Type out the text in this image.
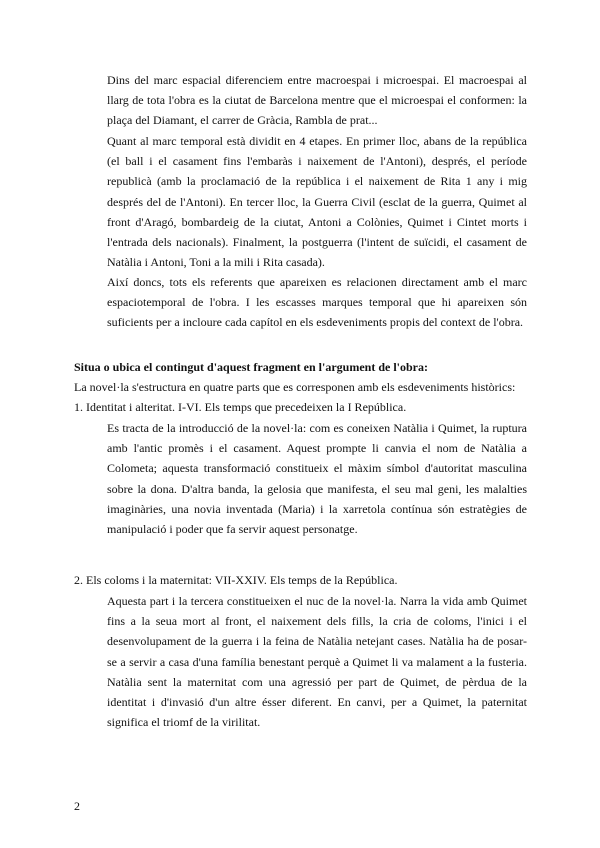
Dins del marc espacial diferenciem entre macroespai i microespai. El macroespai al llarg de tota l'obra es la ciutat de Barcelona mentre que el microespai el conformen: la plaça del Diamant, el carrer de Gràcia, Rambla de prat...

Quant al marc temporal està dividit en 4 etapes. En primer lloc, abans de la república (el ball i el casament fins l'embaràs i naixement de l'Antoni), després, el període republicà (amb la proclamació de la república i el naixement de Rita 1 any i mig després del de l'Antoni). En tercer lloc, la Guerra Civil (esclat de la guerra, Quimet al front d'Aragó, bombardeig de la ciutat, Antoni a Colònies, Quimet i Cintet morts i l'entrada dels nacionals). Finalment, la postguerra (l'intent de suïcidi, el casament de Natàlia i Antoni, Toni a la mili i Rita casada).

Així doncs, tots els referents que apareixen es relacionen directament amb el marc espaciotemporal de l'obra. I les escasses marques temporal que hi apareixen són suficients per a incloure cada capítol en els esdeveniments propis del context de l'obra.

Situa o ubica el contingut d'aquest fragment en l'argument de l'obra:

La novel·la s'estructura en quatre parts que es corresponen amb els esdeveniments històrics:

1. Identitat i alteritat. I-VI. Els temps que precedeixen la I República.

Es tracta de la introducció de la novel·la: com es coneixen Natàlia i Quimet, la ruptura amb l'antic promès i el casament. Aquest prompte li canvia el nom de Natàlia a Colometa; aquesta transformació constitueix el màxim símbol d'autoritat masculina sobre la dona. D'altra banda, la gelosia que manifesta, el seu mal geni, les malalties imaginàries, una novia inventada (Maria) i la xarretola contínua són estratègies de manipulació i poder que fa servir aquest personatge.

2. Els coloms i la maternitat: VII-XXIV. Els temps de la República.

Aquesta part i la tercera constitueixen el nuc de la novel·la. Narra la vida amb Quimet fins a la seua mort al front, el naixement dels fills, la cria de coloms, l'inici i el desenvolupament de la guerra i la feina de Natàlia netejant cases. Natàlia ha de posar-se a servir a casa d'una família benestant perquè a Quimet li va malament a la fusteria. Natàlia sent la maternitat com una agressió per part de Quimet, de pèrdua de la identitat i d'invasió d'un altre ésser diferent. En canvi, per a Quimet, la paternitat significa el triomf de la virilitat.

2
